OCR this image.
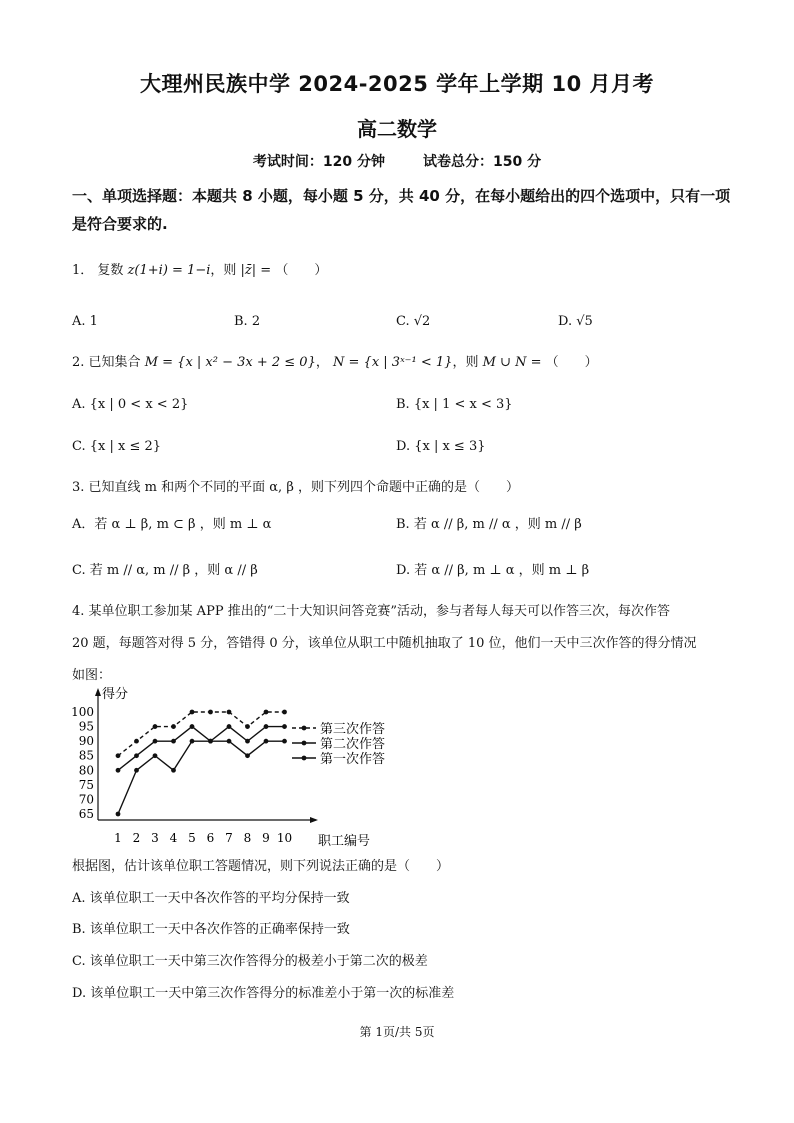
大理州民族中学 2024-2025 学年上学期 10 月月考
高二数学
考试时间：120 分钟	试卷总分：150 分
一、单项选择题：本题共 8 小题，每小题 5 分，共 40 分，在每小题给出的四个选项中，只有一项是符合要求的.
1． 复数 z(1+i) = 1−i，则 |z̄| = （　　）
A. 1	B. 2	C. √2	D. √5
2. 已知集合 M = {x | x² − 3x + 2 ≤ 0}， N = {x | 3ˣ⁻¹ < 1}，则 M ∪ N = （　　）
A. {x | 0 < x < 2}	B. {x | 1 < x < 3}
C. {x | x ≤ 2}	D. {x | x ≤ 3}
3. 已知直线 m 和两个不同的平面 α, β ，则下列四个命题中正确的是（　　）
A．若 α ⊥ β, m ⊂ β ，则 m ⊥ α	B. 若 α // β, m // α ，则 m // β
C. 若 m // α, m // β ，则 α // β	D. 若 α // β, m ⊥ α ，则 m ⊥ β
4. 某单位职工参加某 APP 推出的“二十大知识问答竞赛”活动，参与者每人每天可以作答三次，每次作答
20 题，每题答对得 5 分，答错得 0 分，该单位从职工中随机抽取了 10 位，他们一天中三次作答的得分情况
如图：
得分
职工编号
65
70
75
80
85
90
95
100
1 2 3 4 5 6 7 8 9 10
第三次作答
第二次作答
第一次作答
根据图，估计该单位职工答题情况，则下列说法正确的是（　　）
A. 该单位职工一天中各次作答的平均分保持一致
B. 该单位职工一天中各次作答的正确率保持一致
C. 该单位职工一天中第三次作答得分的极差小于第二次的极差
D. 该单位职工一天中第三次作答得分的标准差小于第一次的标准差
第 1页/共 5页
